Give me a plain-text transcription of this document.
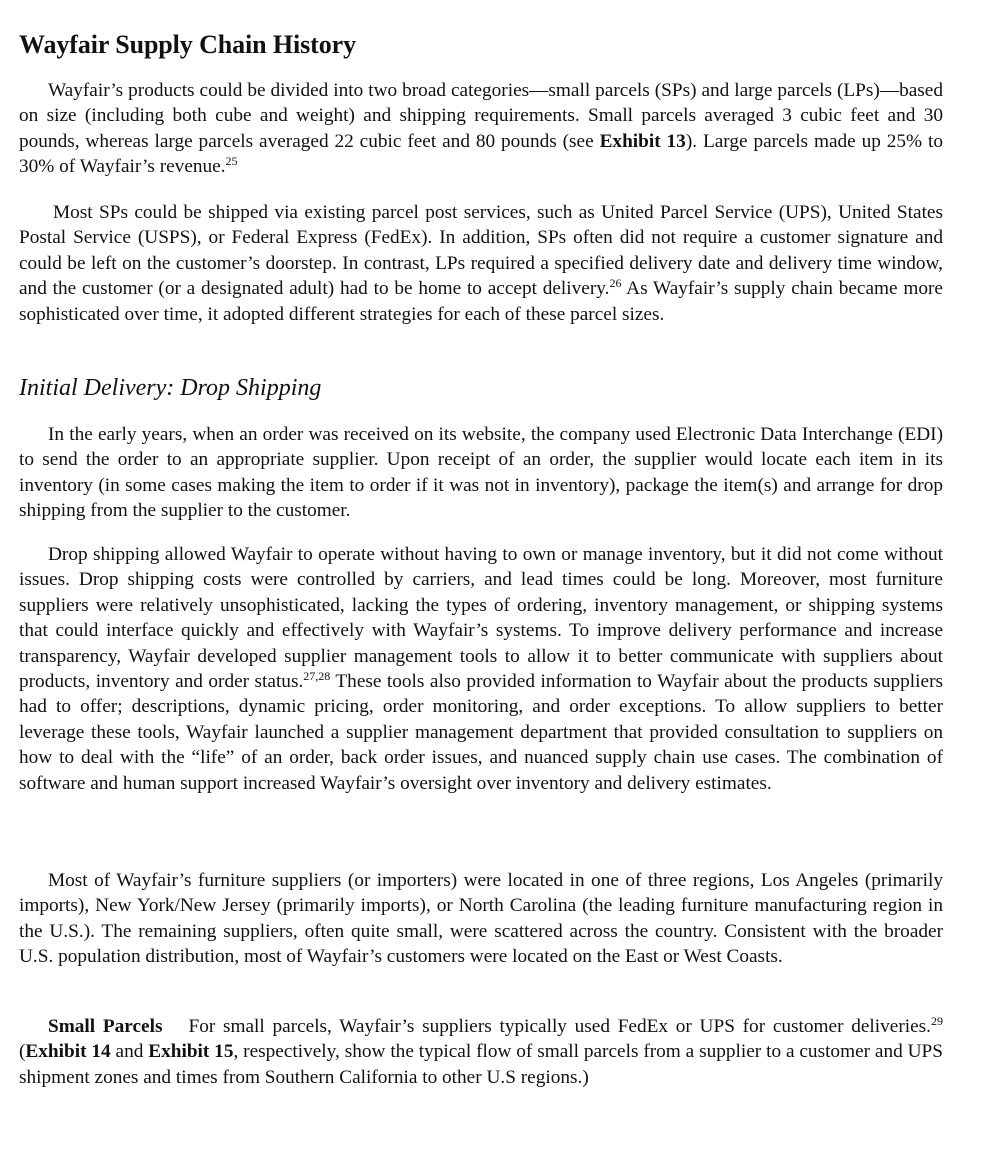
Wayfair Supply Chain History

Wayfair’s products could be divided into two broad categories—small parcels (SPs) and large parcels (LPs)—based on size (including both cube and weight) and shipping requirements. Small parcels averaged 3 cubic feet and 30 pounds, whereas large parcels averaged 22 cubic feet and 80 pounds (see Exhibit 13). Large parcels made up 25% to 30% of Wayfair’s revenue.$^{25}$

Most SPs could be shipped via existing parcel post services, such as United Parcel Service (UPS), United States Postal Service (USPS), or Federal Express (FedEx). In addition, SPs often did not require a customer signature and could be left on the customer’s doorstep. In contrast, LPs required a specified delivery date and delivery time window, and the customer (or a designated adult) had to be home to accept delivery.$^{26}$ As Wayfair’s supply chain became more sophisticated over time, it adopted different strategies for each of these parcel sizes.

Initial Delivery: Drop Shipping

In the early years, when an order was received on its website, the company used Electronic Data Interchange (EDI) to send the order to an appropriate supplier. Upon receipt of an order, the supplier would locate each item in its inventory (in some cases making the item to order if it was not in inventory), package the item(s) and arrange for drop shipping from the supplier to the customer.

Drop shipping allowed Wayfair to operate without having to own or manage inventory, but it did not come without issues. Drop shipping costs were controlled by carriers, and lead times could be long. Moreover, most furniture suppliers were relatively unsophisticated, lacking the types of ordering, inventory management, or shipping systems that could interface quickly and effectively with Wayfair’s systems. To improve delivery performance and increase transparency, Wayfair developed supplier management tools to allow it to better communicate with suppliers about products, inventory and order status.$^{27,28}$ These tools also provided information to Wayfair about the products suppliers had to offer; descriptions, dynamic pricing, order monitoring, and order exceptions. To allow suppliers to better leverage these tools, Wayfair launched a supplier management department that provided consultation to suppliers on how to deal with the “life” of an order, back order issues, and nuanced supply chain use cases. The combination of software and human support increased Wayfair’s oversight over inventory and delivery estimates.

Most of Wayfair’s furniture suppliers (or importers) were located in one of three regions, Los Angeles (primarily imports), New York/New Jersey (primarily imports), or North Carolina (the leading furniture manufacturing region in the U.S.). The remaining suppliers, often quite small, were scattered across the country. Consistent with the broader U.S. population distribution, most of Wayfair’s customers were located on the East or West Coasts.

Small Parcels For small parcels, Wayfair’s suppliers typically used FedEx or UPS for customer deliveries.$^{29}$ (Exhibit 14 and Exhibit 15, respectively, show the typical flow of small parcels from a supplier to a customer and UPS shipment zones and times from Southern California to other U.S regions.)
